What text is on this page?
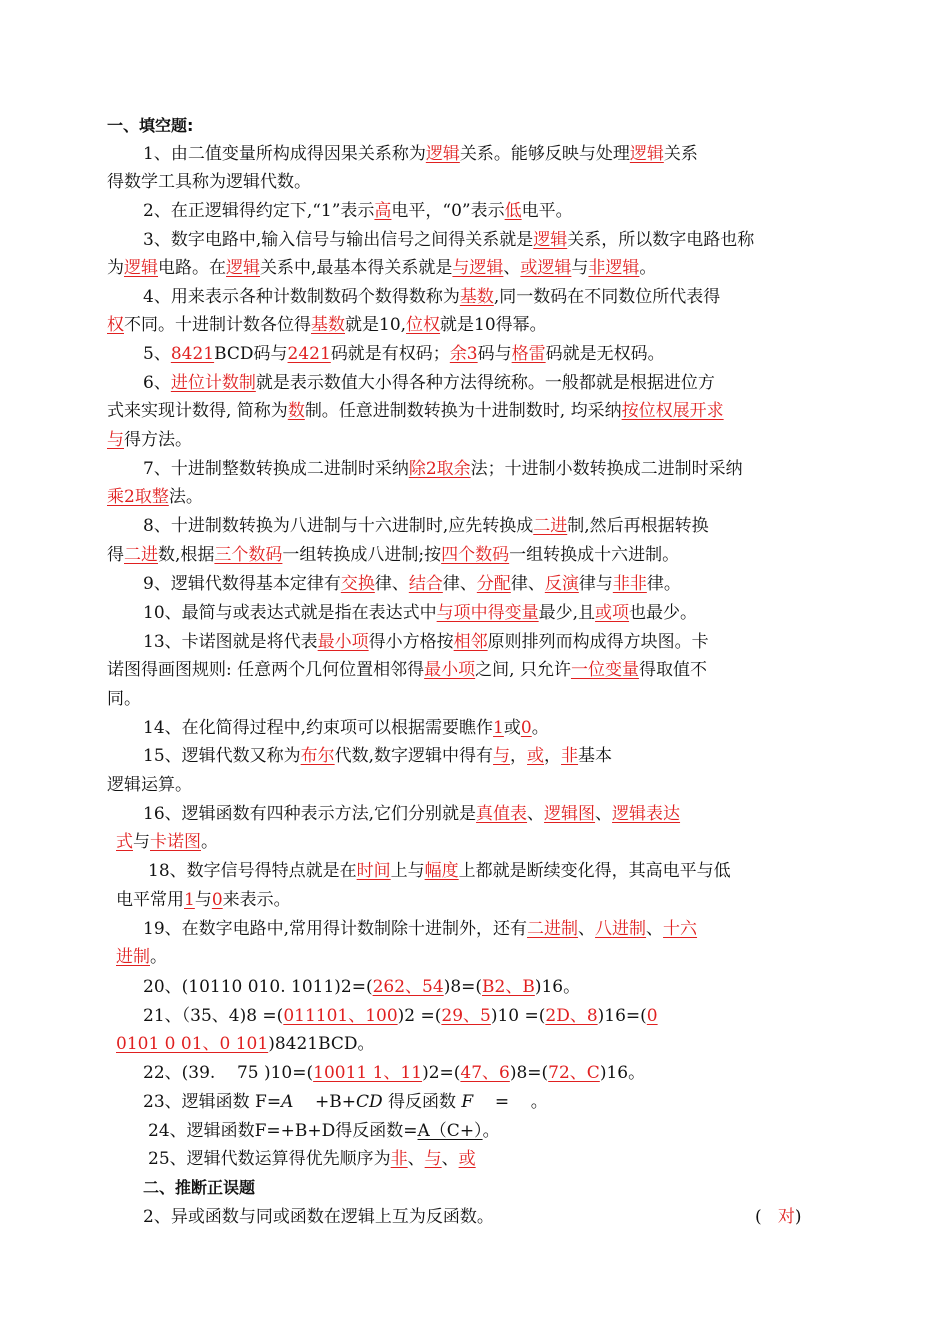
一、填空题:
1、由二值变量所构成得因果关系称为逻辑关系。能够反映与处理逻辑关系
得数学工具称为逻辑代数。
2、在正逻辑得约定下,“1”表示高电平，“0”表示低电平。
3、数字电路中,输入信号与输出信号之间得关系就是逻辑关系，所以数字电路也称
为逻辑电路。在逻辑关系中,最基本得关系就是与逻辑、或逻辑与非逻辑。
4、用来表示各种计数制数码个数得数称为基数,同一数码在不同数位所代表得
权不同。十进制计数各位得基数就是10,位权就是10得幂。
5、8421BCD码与2421码就是有权码；余3码与格雷码就是无权码。
6、进位计数制就是表示数值大小得各种方法得统称。一般都就是根据进位方
式来实现计数得, 简称为数制。任意进制数转换为十进制数时, 均采纳按位权展开求
与得方法。
7、十进制整数转换成二进制时采纳除2取余法；十进制小数转换成二进制时采纳
乘2取整法。
8、十进制数转换为八进制与十六进制时,应先转换成二进制,然后再根据转换
得二进数,根据三个数码一组转换成八进制;按四个数码一组转换成十六进制。
9、逻辑代数得基本定律有交换律、结合律、分配律、反演律与非非律。
10、最简与或表达式就是指在表达式中与项中得变量最少,且或项也最少。
13、卡诺图就是将代表最小项得小方格按相邻原则排列而构成得方块图。卡
诺图得画图规则: 任意两个几何位置相邻得最小项之间, 只允许一位变量得取值不
同。
14、在化简得过程中,约束项可以根据需要瞧作1或0。
15、逻辑代数又称为布尔代数,数字逻辑中得有与，或，非基本
逻辑运算。
16、逻辑函数有四种表示方法,它们分别就是真值表、逻辑图、逻辑表达
式与卡诺图。
18、数字信号得特点就是在时间上与幅度上都就是断续变化得，其高电平与低
电平常用1与0来表示。
19、在数字电路中,常用得计数制除十进制外，还有二进制、八进制、十六
进制。
20、(10110 010. 1011)2=(262、54)8=(B2、B)16。
21、（35、4)8 =(011101、100)2 =(29、5)10 =(2D、8)16=(0
0101 0 01、0 101)8421BCD。
22、(39. 75 )10=(10011 1、11)2=(47、6)8=(72、C)16。
23、逻辑函数 F=A +B+CD 得反函数 F = 。
24、逻辑函数F=+B+D得反函数=A（C+）。
25、逻辑代数运算得优先顺序为非、与、或
二、推断正误题
2、异或函数与同或函数在逻辑上互为反函数。	( 对)
